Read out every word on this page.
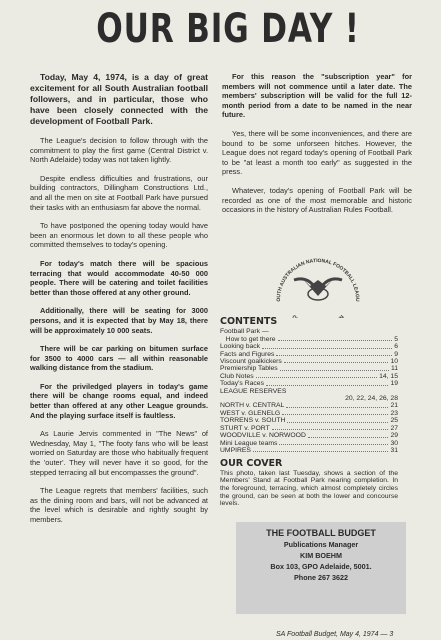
OUR BIG DAY !

Today, May 4, 1974, is a day of great excitement for all South Australian football followers, and in particular, those who have been closely connected with the development of Football Park.

The League's decision to follow through with the commitment to play the first game (Central District v. North Adelaide) today was not taken lightly.

Despite endless difficulties and frustrations, our building contractors, Dillingham Constructions Ltd., and all the men on site at Football Park have pursued their tasks with an enthusiasm far above the normal.

To have postponed the opening today would have been an enormous let down to all these people who committed themselves to today's opening.

For today's match there will be spacious terracing that would accommodate 40-50 000 people. There will be catering and toilet facilities better than those offered at any other ground.

Additionally, there will be seating for 3000 persons, and it is expected that by May 18, there will be approximately 10 000 seats.

There will be car parking on bitumen surface for 3500 to 4000 cars — all within reasonable walking distance from the stadium.

For the priviledged players in today's game there will be change rooms equal, and indeed better than offered at any other League grounds. And the playing surface itself is faultless.

As Laurie Jervis commented in "The News" of Wednesday, May 1, "The footy fans who will be least worried on Saturday are those who habitually frequent the 'outer'. They will never have it so good, for the stepped terracing all but encompasses the ground".

The League regrets that members' facilities, such as the dining room and bars, will not be advanced at the level which is desirable and rightly sought by members.

For this reason the "subscription year" for members will not commence until a later date. The members' subscription will be valid for the full 12-month period from a date to be named in the near future.

Yes, there will be some inconveniences, and there are bound to be some unforseen hitches. However, the League does not regard today's opening of Football Park to be "at least a month too early" as suggested in the press.

Whatever, today's opening of Football Park will be recorded as one of the most memorable and historic occasions in the history of Australian Rules Football.

OUTH AUSTRALIAN NATIONAL FOOTBALL LEAGU
O N
CONTENTS
Football Park —
How to get there	5
Looking back	6
Facts and Figures	9
Viscount goalkickers	10
Premiership Tables	11
Club Notes	14, 15
Today's Races	19
LEAGUE RESERVES
20, 22, 24, 26, 28
NORTH v. CENTRAL	21
WEST v. GLENELG	23
TORRENS v. SOUTH	25
STURT v. PORT	27
WOODVILLE v. NORWOOD	29
Mini League teams	30
UMPIRES	31
OUR COVER
This photo, taken last Tuesday, shows a section of the Members' Stand at Football Park nearing completion. In the foreground, terracing, which almost completely circles the ground, can be seen at both the lower and concourse levels.
THE FOOTBALL BUDGET
Publications Manager
KIM BOEHM
Box 103, GPO Adelaide, 5001.
Phone 267 3622
SA Football Budget, May 4, 1974 — 3
